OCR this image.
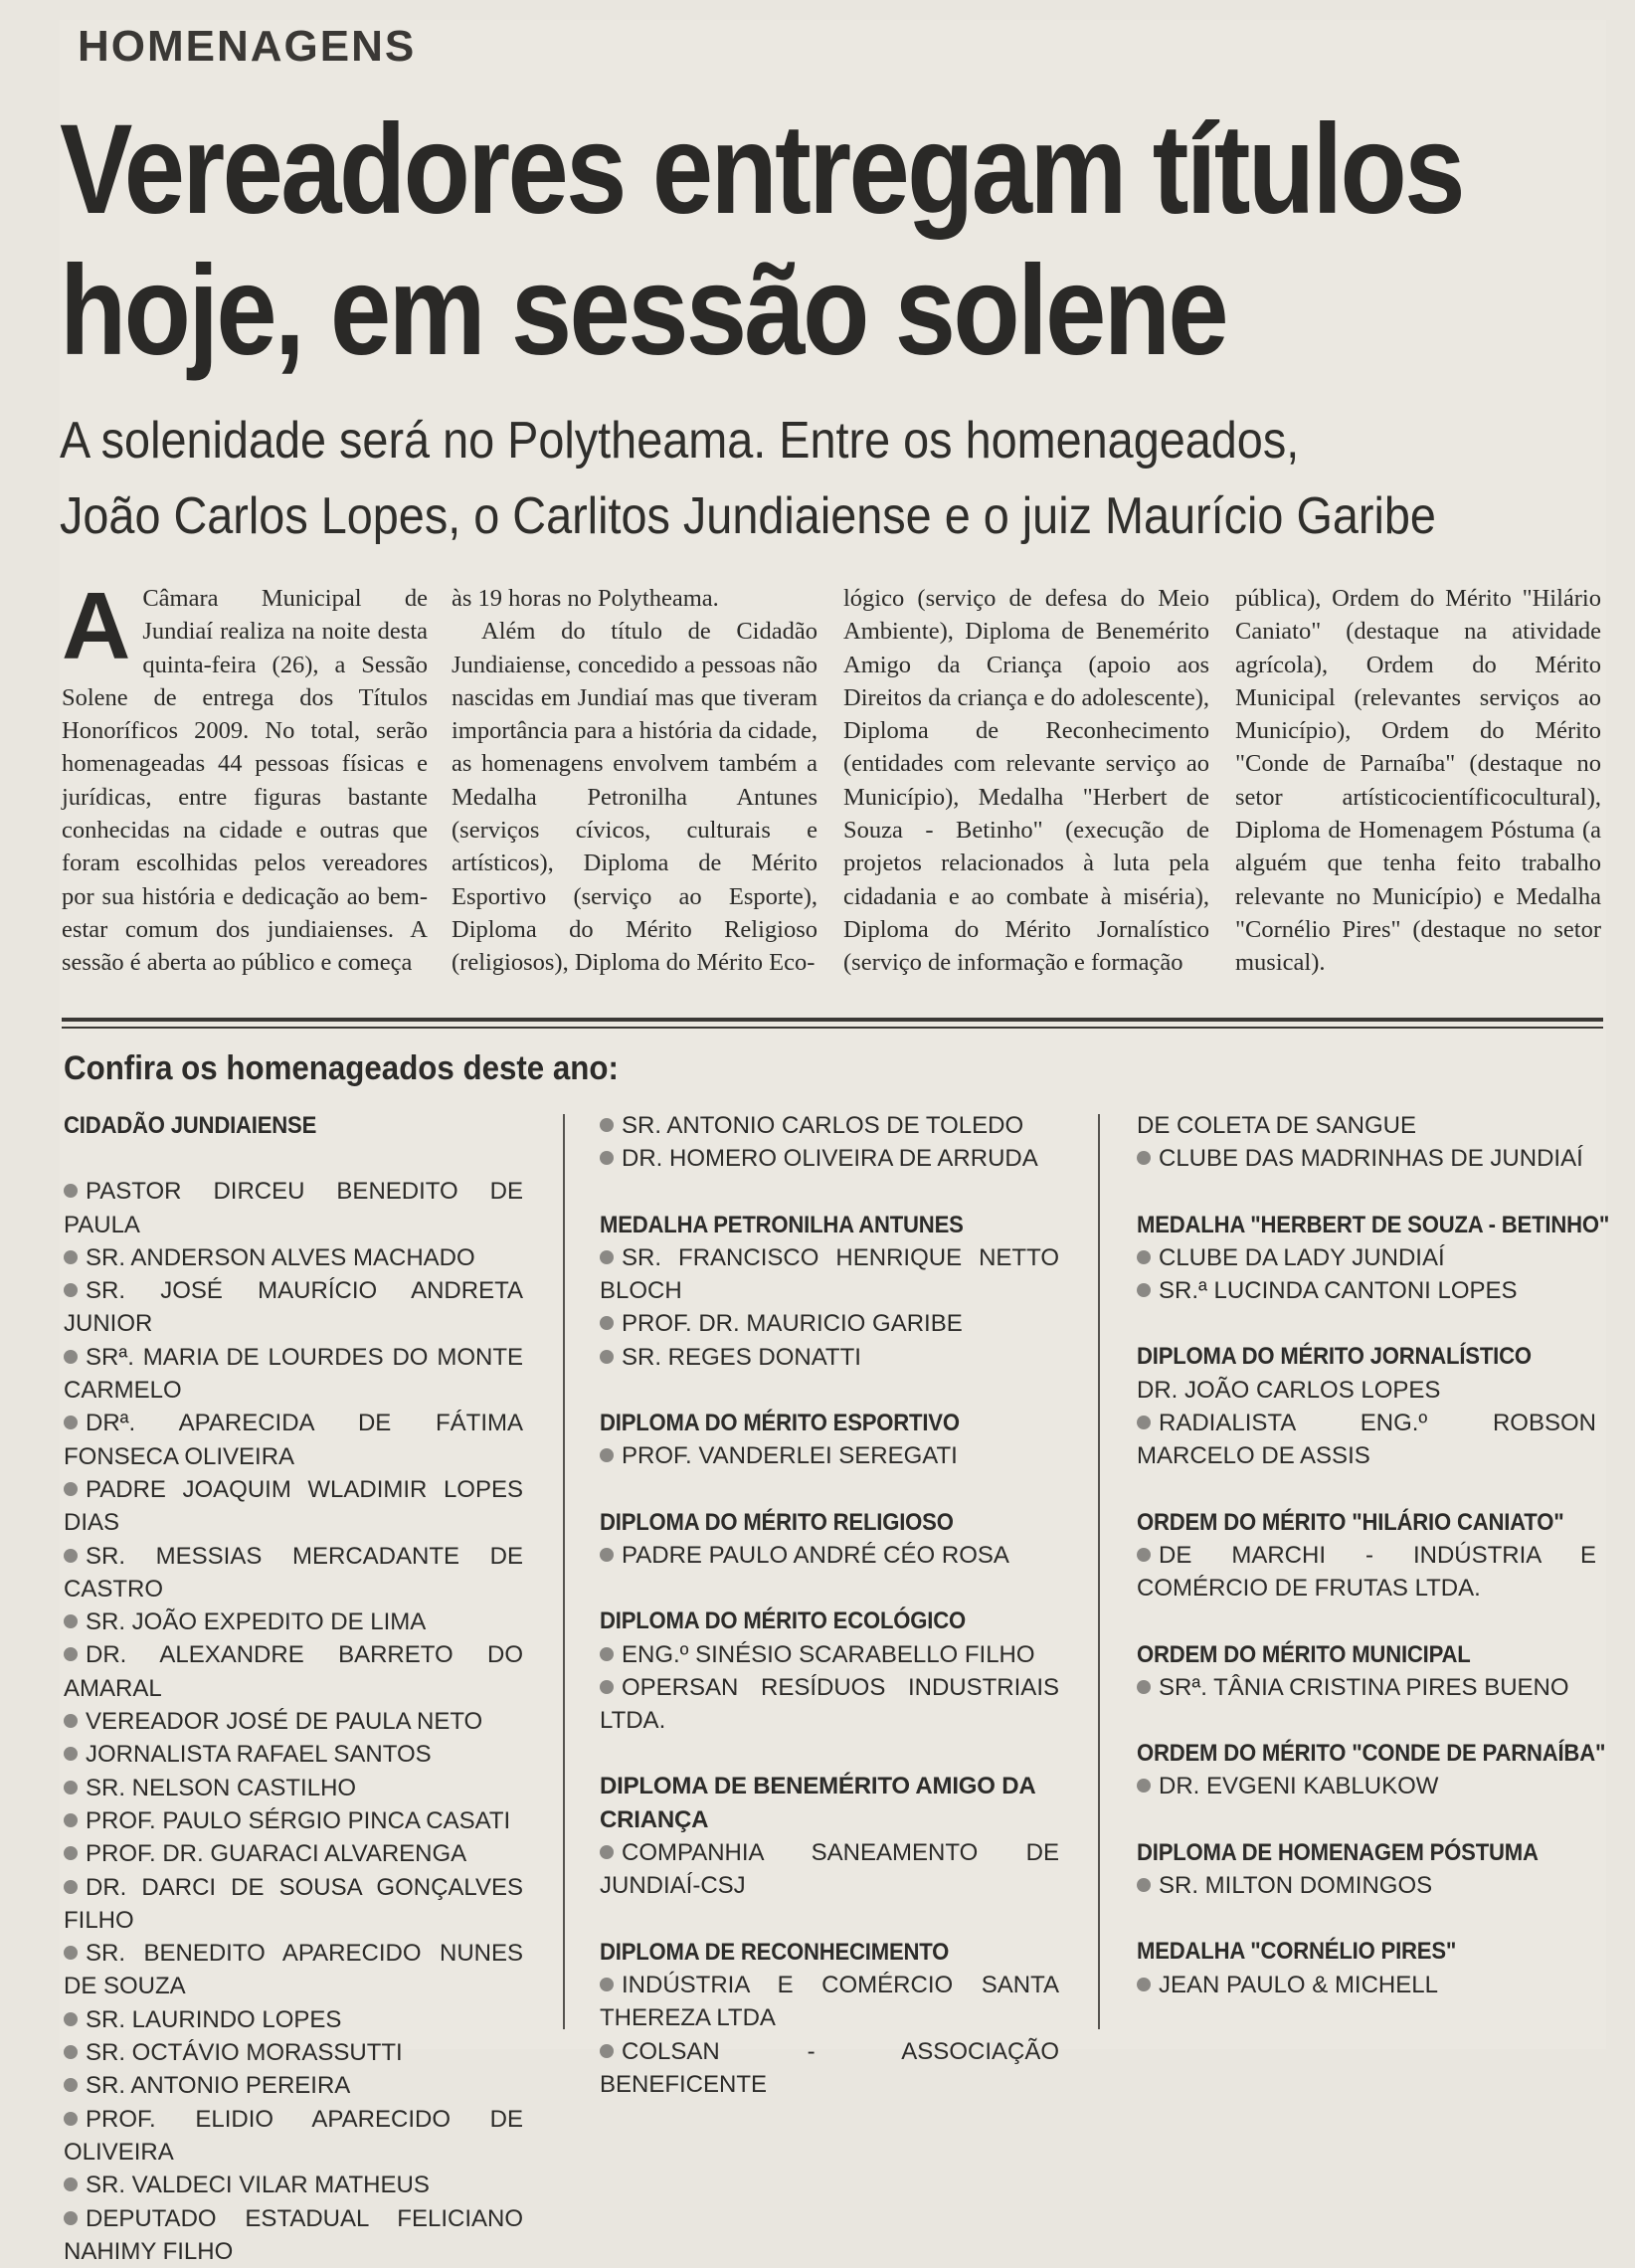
HOMENAGENS
Vereadores entregam títulos
hoje, em sessão solene
A solenidade será no Polytheama. Entre os homenageados,
João Carlos Lopes, o Carlitos Jundiaiense e o juiz Maurício Garibe
A Câmara Municipal de Jundiaí realiza na noite desta quinta-feira (26), a Sessão Solene de entrega dos Títulos Honoríficos 2009. No total, serão homenageadas 44 pessoas físicas e jurídicas, entre figuras bastante conhecidas na cidade e outras que foram escolhidas pelos vereadores por sua história e dedicação ao bem-estar comum dos jundiaienses. A sessão é aberta ao público e começa

às 19 horas no Polytheama.

Além do título de Cidadão Jundiaiense, concedido a pessoas não nascidas em Jundiaí mas que tiveram importância para a história da cidade, as homenagens envolvem também a Medalha Petronilha Antunes (serviços cívicos, culturais e artísticos), Diploma de Mérito Esportivo (serviço ao Esporte), Diploma do Mérito Religioso (religiosos), Diploma do Mérito Eco-

lógico (serviço de defesa do Meio Ambiente), Diploma de Benemérito Amigo da Criança (apoio aos Direitos da criança e do adolescente), Diploma de Reconhecimento (entidades com relevante serviço ao Município), Medalha "Herbert de Souza - Betinho" (execução de projetos relacionados à luta pela cidadania e ao combate à miséria), Diploma do Mérito Jornalístico (serviço de informação e formação

pública), Ordem do Mérito "Hilário Caniato" (destaque na atividade agrícola), Ordem do Mérito Municipal (relevantes serviços ao Município), Ordem do Mérito "Conde de Parnaíba" (destaque no setor artísticocientíficocultural), Diploma de Homenagem Póstuma (a alguém que tenha feito trabalho relevante no Município) e Medalha "Cornélio Pires" (destaque no setor musical).

Confira os homenageados deste ano:
CIDADÃO JUNDIAIENSE
PASTOR DIRCEU BENEDITO DE PAULA
SR. ANDERSON ALVES MACHADO
SR. JOSÉ MAURÍCIO ANDRETA JUNIOR
SRª. MARIA DE LOURDES DO MONTE CARMELO
DRª. APARECIDA DE FÁTIMA FONSECA OLIVEIRA
PADRE JOAQUIM WLADIMIR LOPES DIAS
SR. MESSIAS MERCADANTE DE CASTRO
SR. JOÃO EXPEDITO DE LIMA
DR. ALEXANDRE BARRETO DO AMARAL
VEREADOR JOSÉ DE PAULA NETO
JORNALISTA RAFAEL SANTOS
SR. NELSON CASTILHO
PROF. PAULO SÉRGIO PINCA CASATI
PROF. DR. GUARACI ALVARENGA
DR. DARCI DE SOUSA GONÇALVES FILHO
SR. BENEDITO APARECIDO NUNES DE SOUZA
SR. LAURINDO LOPES
SR. OCTÁVIO MORASSUTTI
SR. ANTONIO PEREIRA
PROF. ELIDIO APARECIDO DE OLIVEIRA
SR. VALDECI VILAR MATHEUS
DEPUTADO ESTADUAL FELICIANO NAHIMY FILHO
SR. ANTONIO CARLOS DE TOLEDO
DR. HOMERO OLIVEIRA DE ARRUDA
MEDALHA PETRONILHA ANTUNES
SR. FRANCISCO HENRIQUE NETTO BLOCH
PROF. DR. MAURICIO GARIBE
SR. REGES DONATTI
DIPLOMA DO MÉRITO ESPORTIVO
PROF. VANDERLEI SEREGATI
DIPLOMA DO MÉRITO RELIGIOSO
PADRE PAULO ANDRÉ CÉO ROSA
DIPLOMA DO MÉRITO ECOLÓGICO
ENG.º SINÉSIO SCARABELLO FILHO
OPERSAN RESÍDUOS INDUSTRIAIS LTDA.
DIPLOMA DE BENEMÉRITO AMIGO DA CRIANÇA
COMPANHIA SANEAMENTO DE JUNDIAÍ-CSJ
DIPLOMA DE RECONHECIMENTO
INDÚSTRIA E COMÉRCIO SANTA THEREZA LTDA
COLSAN - ASSOCIAÇÃO BENEFICENTE
DE COLETA DE SANGUE
CLUBE DAS MADRINHAS DE JUNDIAÍ
MEDALHA "HERBERT DE SOUZA - BETINHO"
CLUBE DA LADY JUNDIAÍ
SR.ª LUCINDA CANTONI LOPES
DIPLOMA DO MÉRITO JORNALÍSTICO
DR. JOÃO CARLOS LOPES
RADIALISTA ENG.º ROBSON MARCELO DE ASSIS
ORDEM DO MÉRITO "HILÁRIO CANIATO"
DE MARCHI - INDÚSTRIA E COMÉRCIO DE FRUTAS LTDA.
ORDEM DO MÉRITO MUNICIPAL
SRª. TÂNIA CRISTINA PIRES BUENO
ORDEM DO MÉRITO "CONDE DE PARNAÍBA"
DR. EVGENI KABLUKOW
DIPLOMA DE HOMENAGEM PÓSTUMA
SR. MILTON DOMINGOS
MEDALHA "CORNÉLIO PIRES"
JEAN PAULO & MICHELL
